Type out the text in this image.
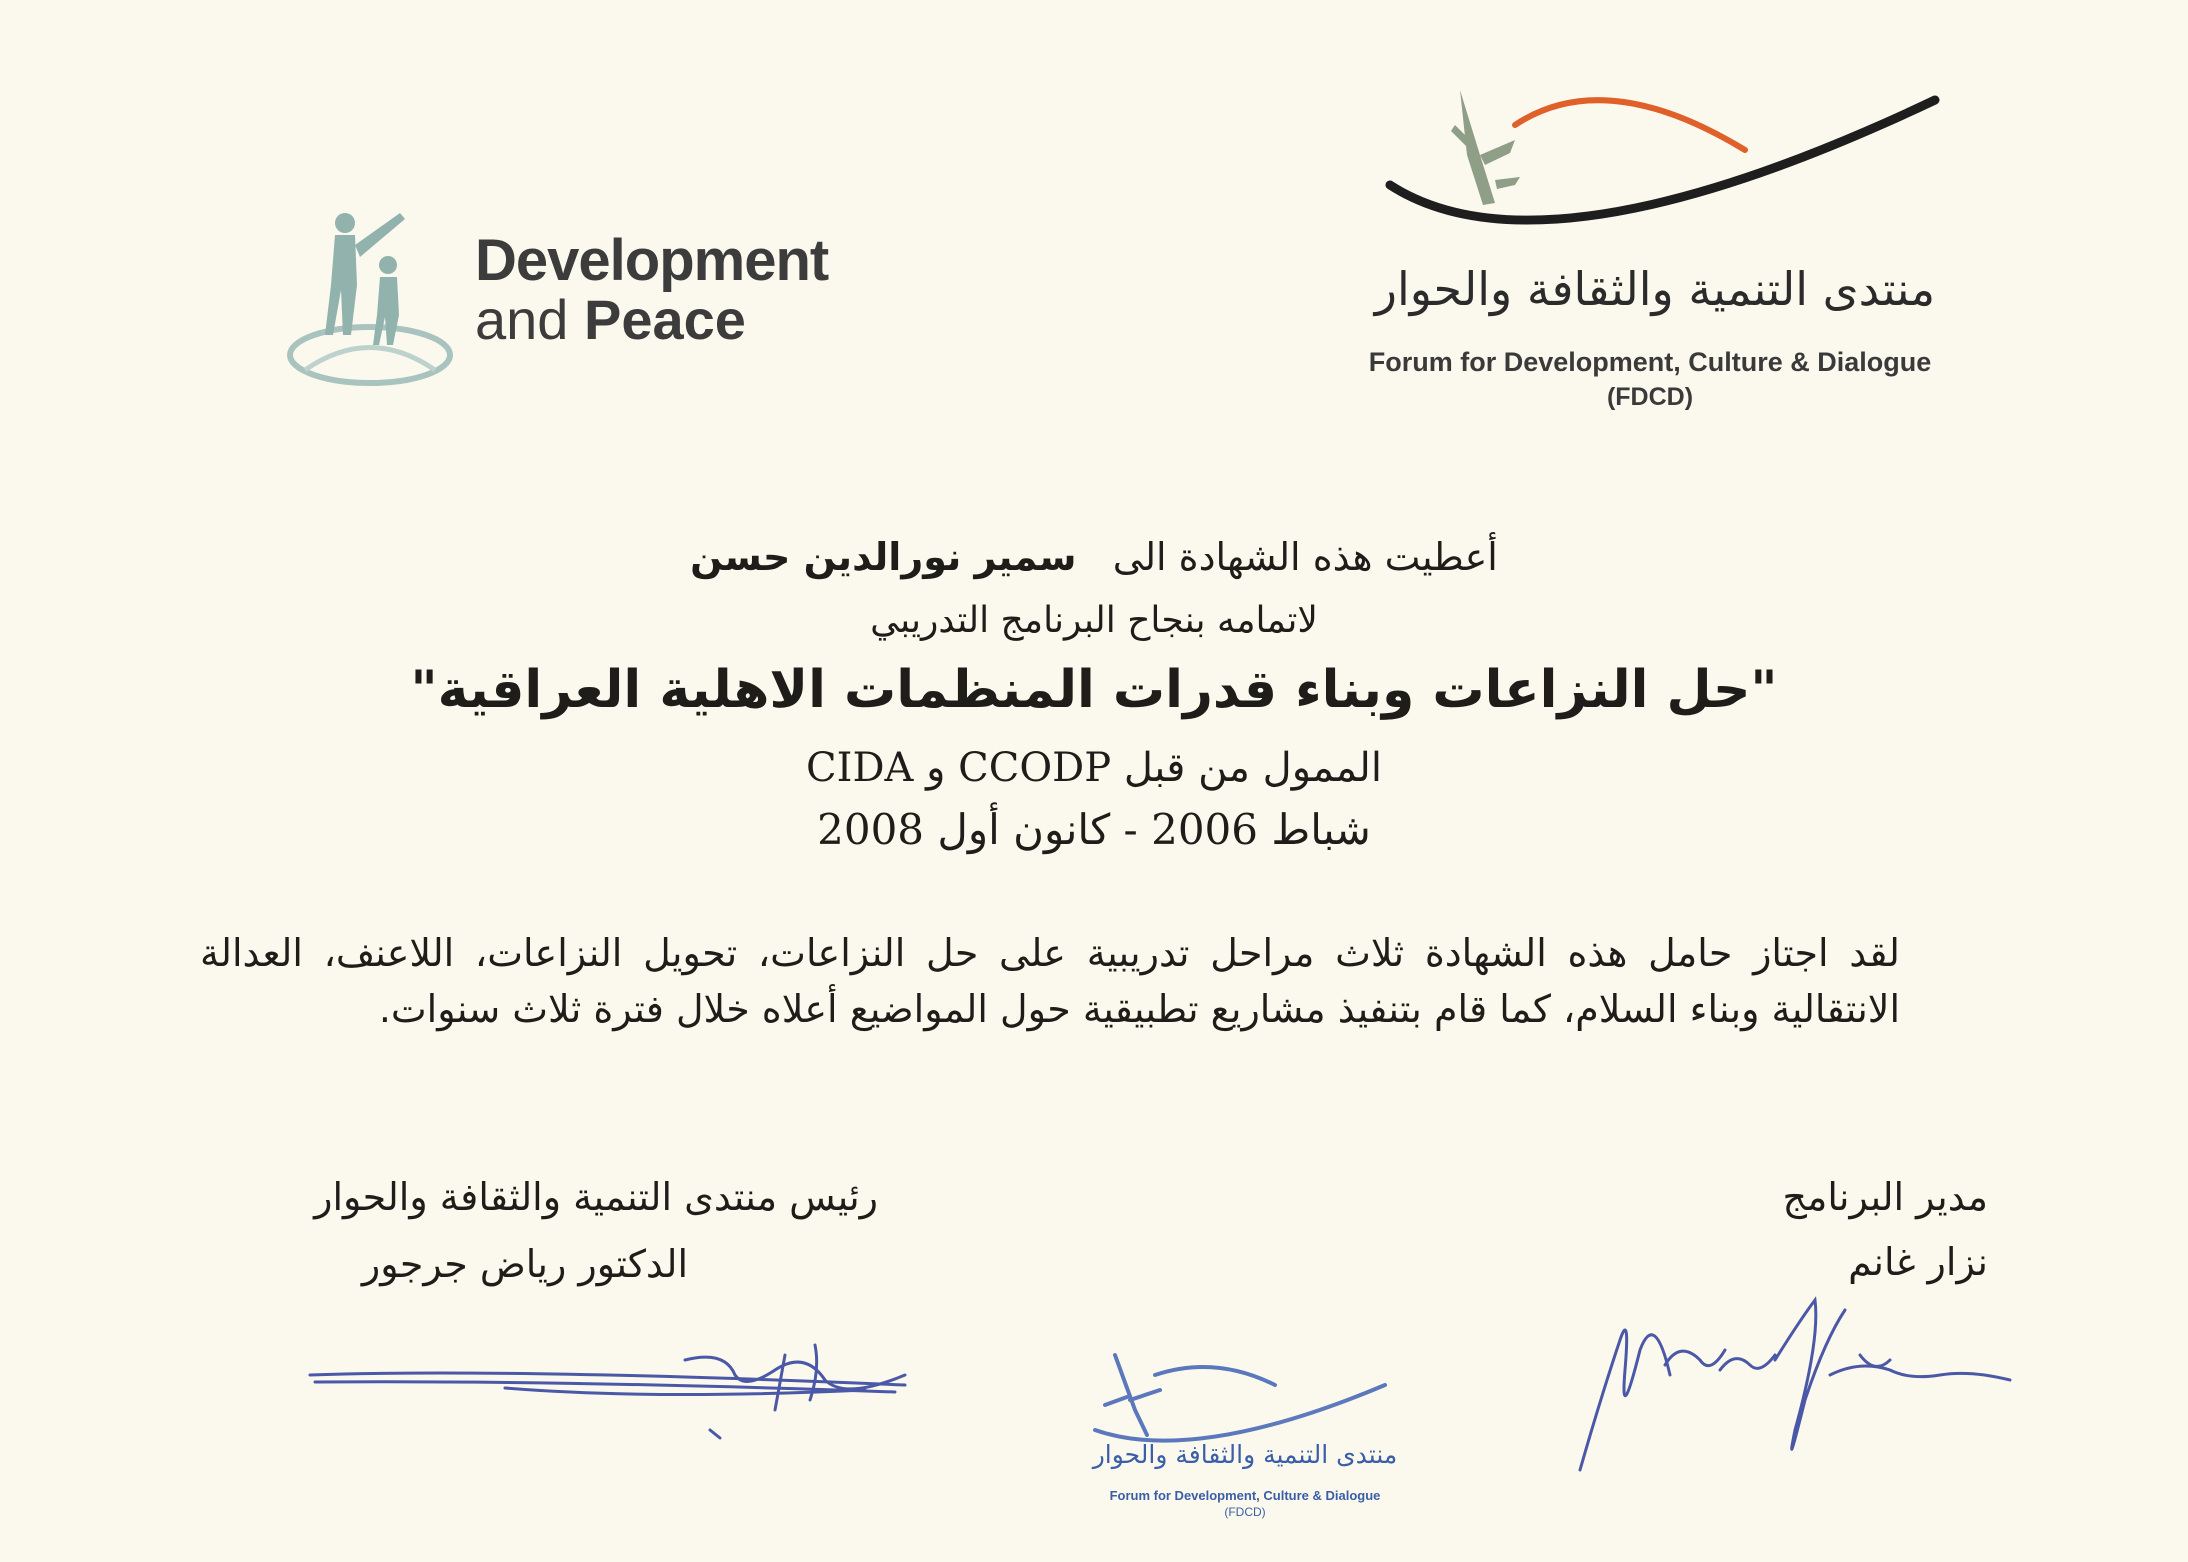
Development
and Peace	منتدى التنمية والثقافة والحوار
Forum for Development, Culture & Dialogue
(FDCD)
أعطيت هذه الشهادة الى   سمير نورالدين حسن
لاتمامه بنجاح البرنامج التدريبي
"حل النزاعات وبناء قدرات المنظمات الاهلية العراقية"
الممول من قبل CCODP و CIDA
شباط 2006 - كانون أول 2008
لقد اجتاز حامل هذه الشهادة ثلاث مراحل تدريبية على حل النزاعات، تحويل النزاعات، اللاعنف، العدالة الانتقالية وبناء السلام، كما قام بتنفيذ مشاريع تطبيقية حول المواضيع أعلاه خلال فترة ثلاث سنوات.
مدير البرنامج
نزار غانم
رئيس منتدى التنمية والثقافة والحوار
الدكتور رياض جرجور
منتدى التنمية والثقافة والحوار
Forum for Development, Culture & Dialogue
(FDCD)
